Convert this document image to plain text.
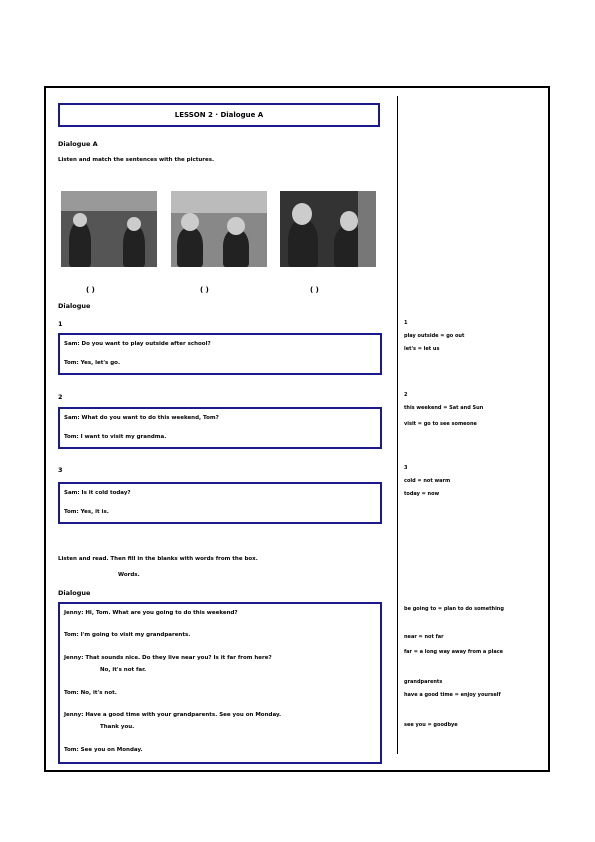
LESSON 2 · Dialogue A
Dialogue A
Listen and match the sentences with the pictures.
( )	( )	( )
Dialogue
1
Sam: Do you want to play outside after school?
Tom: Yes, let's go.
2
Sam: What do you want to do this weekend, Tom?
Tom: I want to visit my grandma.
3
Sam: Is it cold today?
Tom: Yes, it is.
Listen and read. Then fill in the blanks with words from the box.
Words.
Dialogue
Jenny: Hi, Tom. What are you going to do this weekend?
Tom: I'm going to visit my grandparents.
Jenny: That sounds nice. Do they live near you? Is it far from here?
No, it's not far.
Tom: No, it's not.
Jenny: Have a good time with your grandparents. See you on Monday.
Thank you.
Tom: See you on Monday.
1
play outside = go out
let's = let us
2
this weekend = Sat and Sun
visit = go to see someone
3
cold = not warm
today = now
be going to = plan to do something
near = not far
far = a long way away from a place
grandparents
have a good time = enjoy yourself
see you = goodbye
